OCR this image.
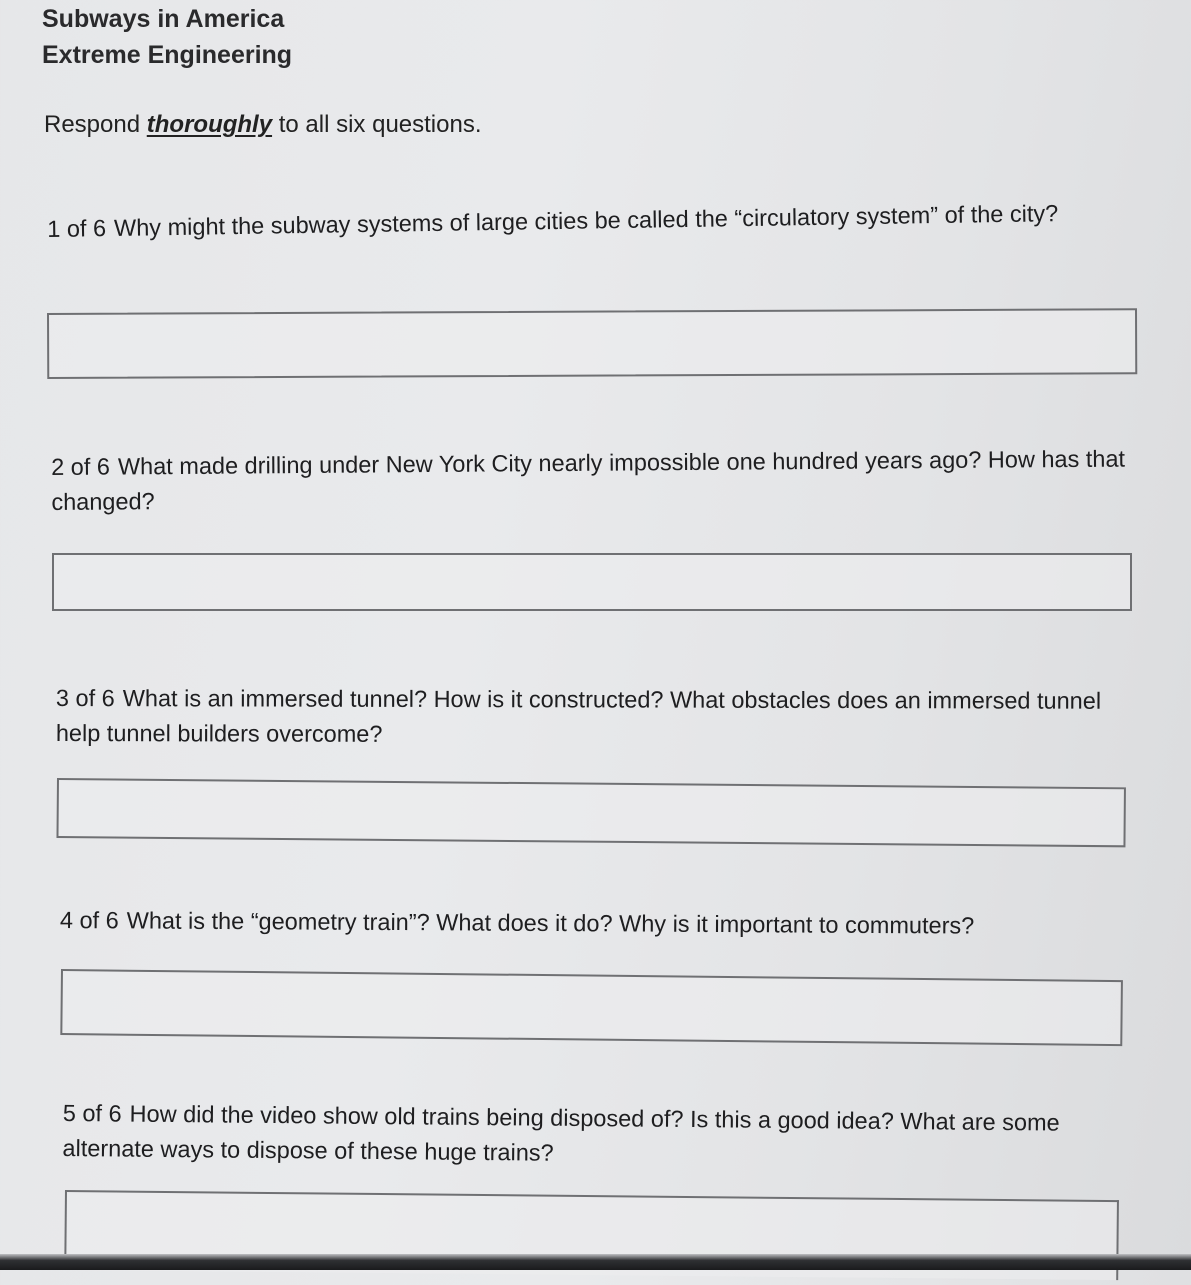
Subways in America
Extreme Engineering
Respond thoroughly to all six questions.
1 of 6 Why might the subway systems of large cities be called the “circulatory system” of the city?
2 of 6 What made drilling under New York City nearly impossible one hundred years ago? How has that changed?
3 of 6 What is an immersed tunnel? How is it constructed? What obstacles does an immersed tunnel help tunnel builders overcome?
4 of 6 What is the “geometry train”? What does it do? Why is it important to commuters?
5 of 6 How did the video show old trains being disposed of? Is this a good idea? What are some alternate ways to dispose of these huge trains?
